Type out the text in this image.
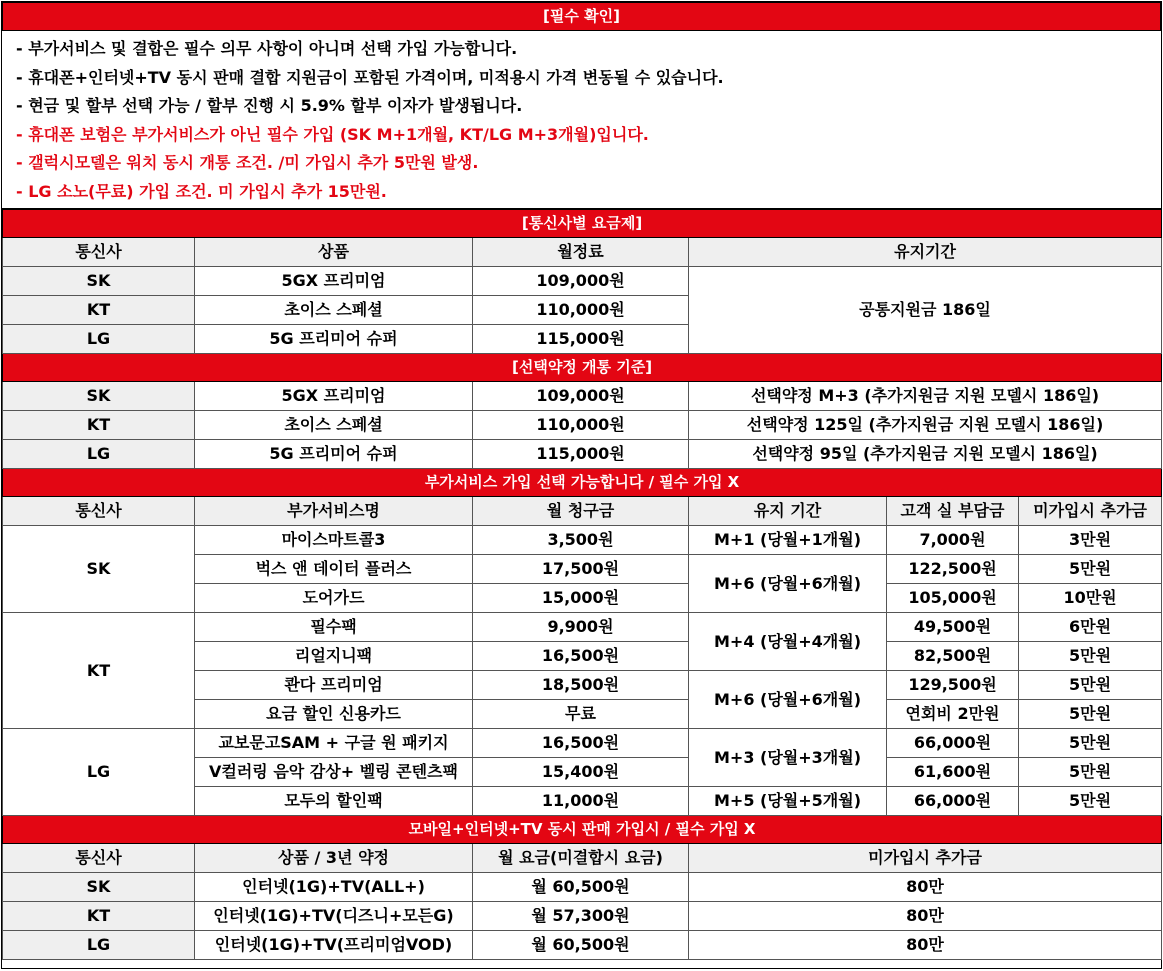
[필수 확인]
- 부가서비스 및 결합은 필수 의무 사항이 아니며 선택 가입 가능합니다.
- 휴대폰+인터넷+TV 동시 판매 결합 지원금이 포함된 가격이며, 미적용시 가격 변동될 수 있습니다.
- 현금 및 할부 선택 가능 / 할부 진행 시 5.9% 할부 이자가 발생됩니다.
- 휴대폰 보험은 부가서비스가 아닌 필수 가입 (SK M+1개월, KT/LG M+3개월)입니다.
- 갤럭시모델은 워치 동시 개통 조건. /미 가입시 추가 5만원 발생.
- LG 소노(무료) 가입 조건. 미 가입시 추가 15만원.
[통신사별 요금제]					
통신사	상품	월정료	유지기간		
SK	5GX 프리미엄	109,000원	공통지원금 186일		
KT	초이스 스페셜	110,000원			
LG	5G 프리미어 슈퍼	115,000원			
[선택약정 개통 기준]					
SK	5GX 프리미엄	109,000원	선택약정 M+3 (추가지원금 지원 모델시 186일)		
KT	초이스 스페셜	110,000원	선택약정 125일 (추가지원금 지원 모델시 186일)		
LG	5G 프리미어 슈퍼	115,000원	선택약정 95일 (추가지원금 지원 모델시 186일)		
부가서비스 가입 선택 가능합니다 / 필수 가입 X					
통신사	부가서비스명	월 청구금	유지 기간	고객 실 부담금	미가입시 추가금
SK	마이스마트콜3	3,500원	M+1 (당월+1개월)	7,000원	3만원
	벅스 앤 데이터 플러스	17,500원	M+6 (당월+6개월)	122,500원	5만원
	도어가드	15,000원		105,000원	10만원
KT	필수팩	9,900원	M+4 (당월+4개월)	49,500원	6만원
	리얼지니팩	16,500원		82,500원	5만원
	콴다 프리미엄	18,500원	M+6 (당월+6개월)	129,500원	5만원
	요금 할인 신용카드	무료		연회비 2만원	5만원
LG	교보문고SAM + 구글 원 패키지	16,500원	M+3 (당월+3개월)	66,000원	5만원
	V컬러링 음악 감상+ 벨링 콘텐츠팩	15,400원		61,600원	5만원
	모두의 할인팩	11,000원	M+5 (당월+5개월)	66,000원	5만원
모바일+인터넷+TV 동시 판매 가입시 / 필수 가입 X					
통신사	상품 / 3년 약정	월 요금(미결합시 요금)	미가입시 추가금		
SK	인터넷(1G)+TV(ALL+)	월 60,500원	80만		
KT	인터넷(1G)+TV(디즈니+모든G)	월 57,300원	80만		
LG	인터넷(1G)+TV(프리미엄VOD)	월 60,500원	80만		
